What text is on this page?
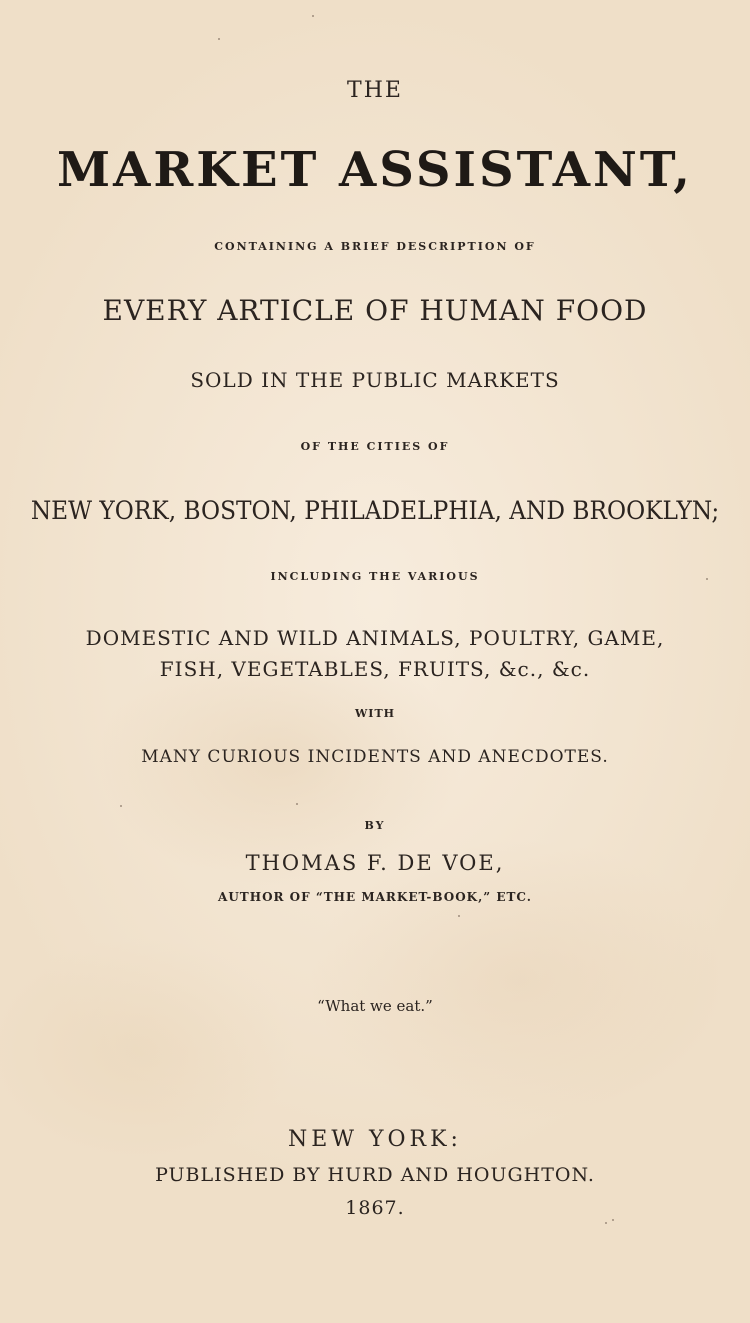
THE
MARKET ASSISTANT,
CONTAINING A BRIEF DESCRIPTION OF
EVERY ARTICLE OF HUMAN FOOD
SOLD IN THE PUBLIC MARKETS
OF THE CITIES OF
NEW YORK, BOSTON, PHILADELPHIA, AND BROOKLYN;
INCLUDING THE VARIOUS
DOMESTIC AND WILD ANIMALS, POULTRY, GAME,
FISH, VEGETABLES, FRUITS, &c., &c.
WITH
MANY CURIOUS INCIDENTS AND ANECDOTES.
BY
THOMAS F. DE VOE,
AUTHOR OF “THE MARKET-BOOK,” ETC.
“What we eat.”
NEW YORK:
PUBLISHED BY HURD AND HOUGHTON.
1867.
